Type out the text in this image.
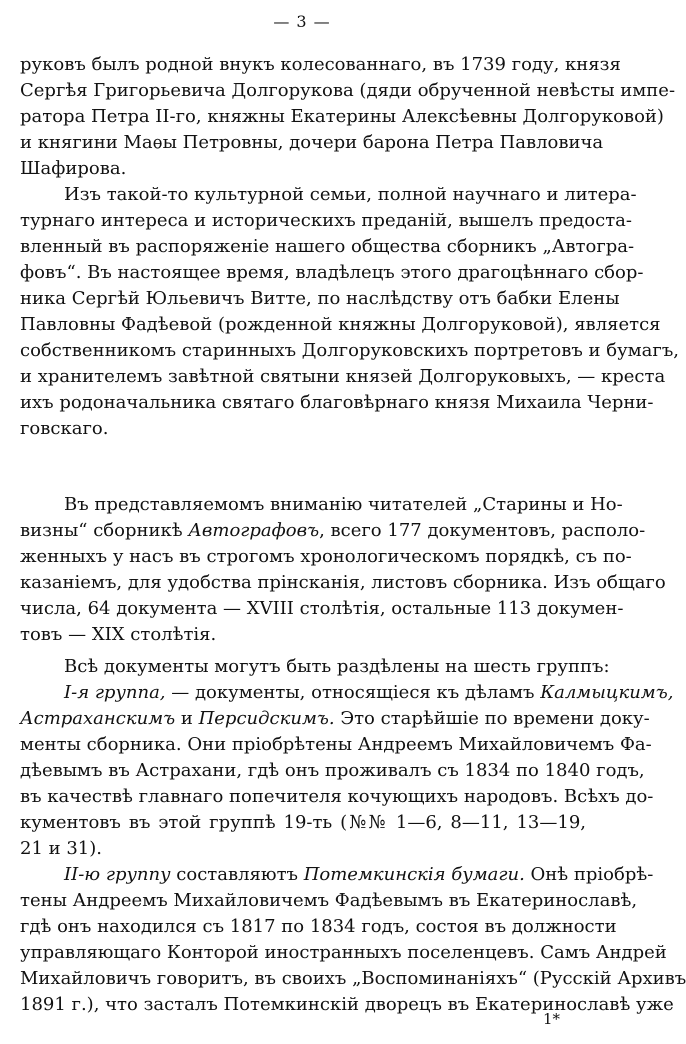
— 3 —
руковъ былъ родной внукъ колесованнаго, въ 1739 году, князя
Сергѣя Григорьевича Долгорукова (дяди обрученной невѣсты импе-
ратора Петра II-го, княжны Екатерины Алексѣевны Долгоруковой)
и княгини Маѳы Петровны, дочери барона Петра Павловича
Шафирова.
Изъ такой-то культурной семьи, полной научнаго и литера-
турнаго интереса и историческихъ преданій, вышелъ предоста-
вленный въ распоряженіе нашего общества сборникъ „Автогра-
фовъ“. Въ настоящее время, владѣлецъ этого драгоцѣннаго сбор-
ника Сергѣй Юльевичъ Витте, по наслѣдству отъ бабки Елены
Павловны Фадѣевой (рожденной княжны Долгоруковой), является
собственникомъ старинныхъ Долгоруковскихъ портретовъ и бумагъ,
и хранителемъ завѣтной святыни князей Долгоруковыхъ, — креста
ихъ родоначальника святаго благовѣрнаго князя Михаила Черни-
говскаго.
Въ представляемомъ вниманію читателей „Старины и Но-
визны“ сборникѣ Автографовъ, всего 177 документовъ, располо-
женныхъ у насъ въ строгомъ хронологическомъ порядкѣ, съ по-
казаніемъ, для удобства прінсканія, листовъ сборника. Изъ общаго
числа, 64 документа — XVIII столѣтія, остальные 113 докумен-
товъ — XIX столѣтія.
Всѣ документы могутъ быть раздѣлены на шесть группъ:
I-я группа, — документы, относящіеся къ дѣламъ Калмыцкимъ,
Астраханскимъ и Персидскимъ. Это старѣйшіе по времени доку-
менты сборника. Они пріобрѣтены Андреемъ Михайловичемъ Фа-
дѣевымъ въ Астрахани, гдѣ онъ проживалъ съ 1834 по 1840 годъ,
въ качествѣ главнаго попечителя кочующихъ народовъ. Всѣхъ до-
кументовъ въ этой группѣ 19-ть (№№ 1—6, 8—11, 13—19,
21 и 31).
II-ю группу составляютъ Потемкинскія бумаги. Онѣ пріобрѣ-
тены Андреемъ Михайловичемъ Фадѣевымъ въ Екатеринославѣ,
гдѣ онъ находился съ 1817 по 1834 годъ, состоя въ должности
управляющаго Конторой иностранныхъ поселенцевъ. Самъ Андрей
Михайловичъ говоритъ, въ своихъ „Воспоминаніяхъ“ (Русскій Архивъ
1891 г.), что засталъ Потемкинскій дворецъ въ Екатеринославѣ уже
1*
